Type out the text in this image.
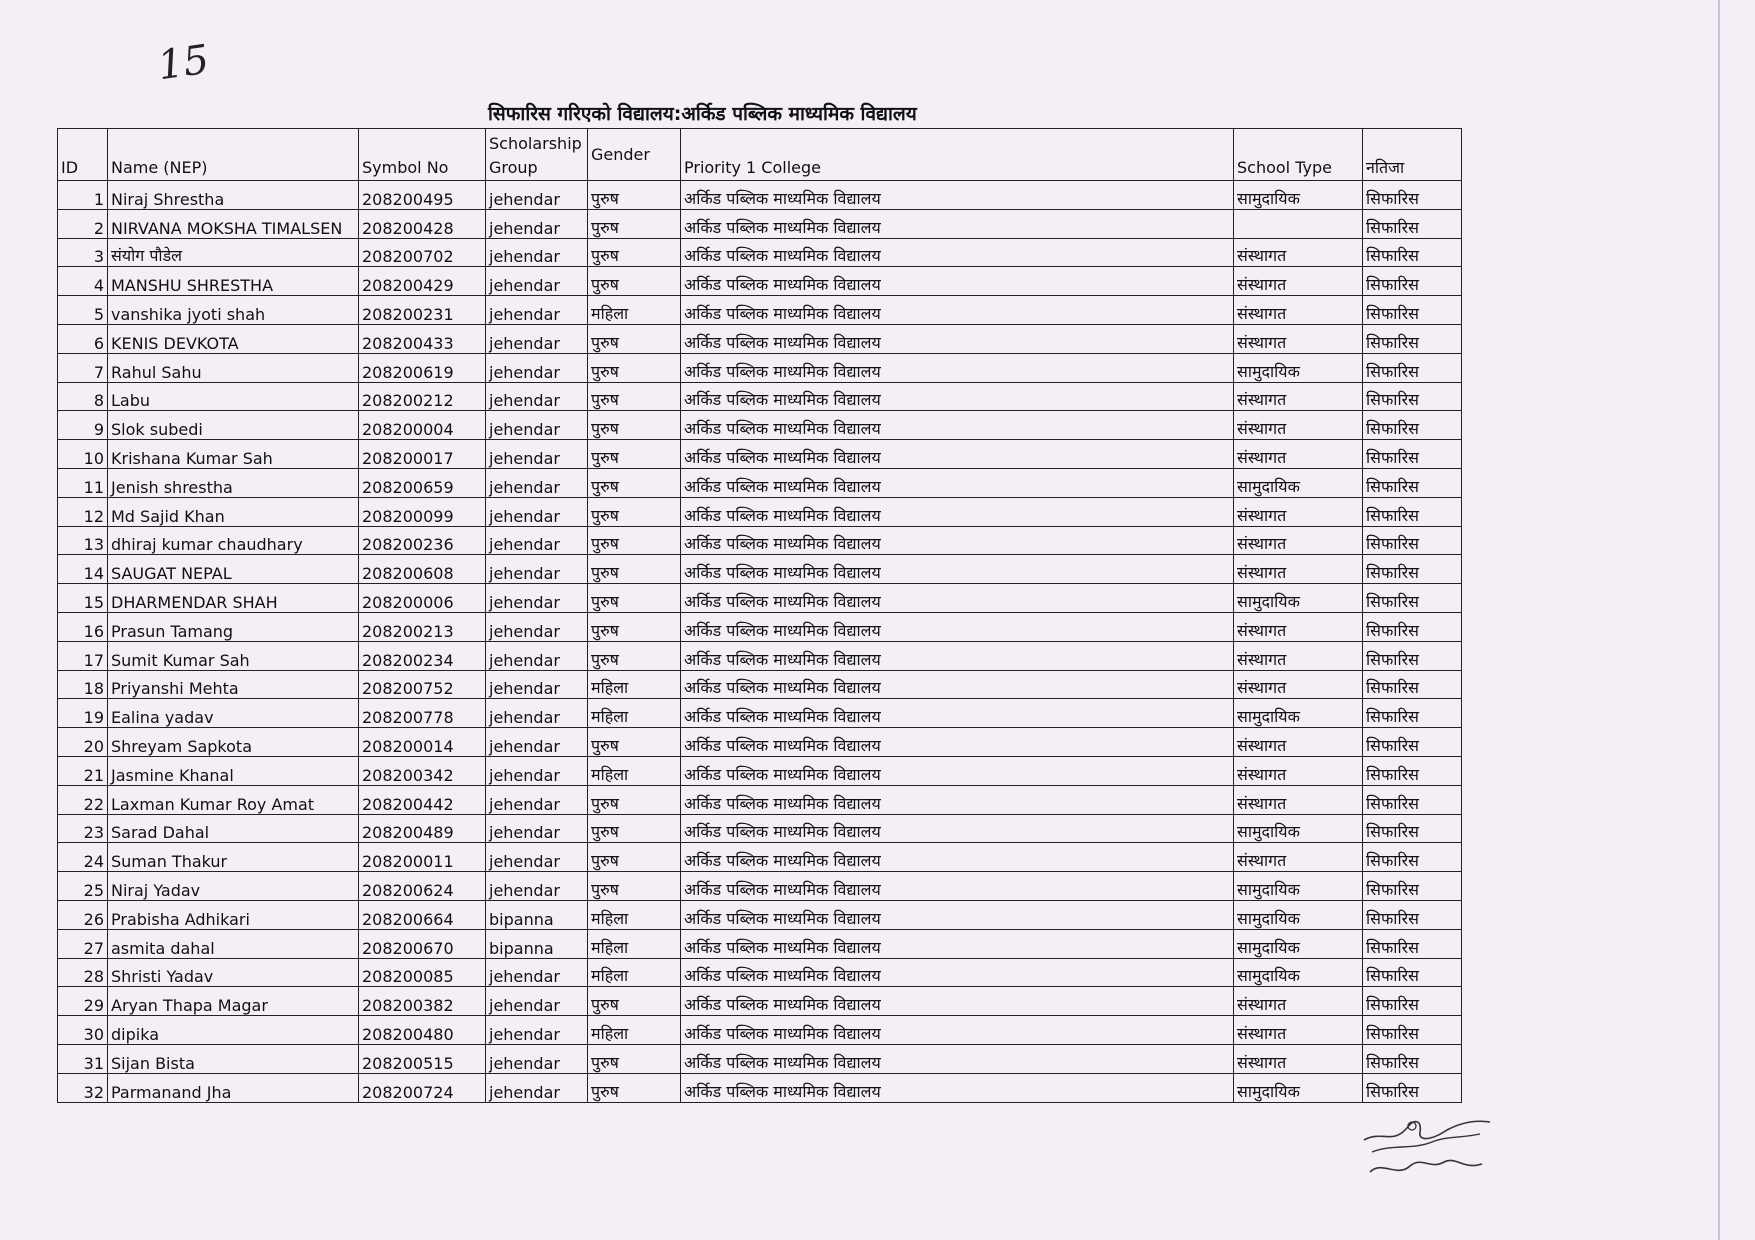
15
सिफारिस गरिएको विद्यालय:अर्किड पब्लिक माध्यमिक विद्यालय
ID	Name (NEP)	Symbol No	Scholarship Group	Gender	Priority 1 College	School Type	नतिजा
1	Niraj Shrestha	208200495	jehendar	पुरुष	अर्किड पब्लिक माध्यमिक विद्यालय	सामुदायिक	सिफारिस
2	NIRVANA MOKSHA TIMALSEN	208200428	jehendar	पुरुष	अर्किड पब्लिक माध्यमिक विद्यालय		सिफारिस
3	संयोग पौडेल	208200702	jehendar	पुरुष	अर्किड पब्लिक माध्यमिक विद्यालय	संस्थागत	सिफारिस
4	MANSHU SHRESTHA	208200429	jehendar	पुरुष	अर्किड पब्लिक माध्यमिक विद्यालय	संस्थागत	सिफारिस
5	vanshika jyoti shah	208200231	jehendar	महिला	अर्किड पब्लिक माध्यमिक विद्यालय	संस्थागत	सिफारिस
6	KENIS DEVKOTA	208200433	jehendar	पुरुष	अर्किड पब्लिक माध्यमिक विद्यालय	संस्थागत	सिफारिस
7	Rahul Sahu	208200619	jehendar	पुरुष	अर्किड पब्लिक माध्यमिक विद्यालय	सामुदायिक	सिफारिस
8	Labu	208200212	jehendar	पुरुष	अर्किड पब्लिक माध्यमिक विद्यालय	संस्थागत	सिफारिस
9	Slok subedi	208200004	jehendar	पुरुष	अर्किड पब्लिक माध्यमिक विद्यालय	संस्थागत	सिफारिस
10	Krishana Kumar Sah	208200017	jehendar	पुरुष	अर्किड पब्लिक माध्यमिक विद्यालय	संस्थागत	सिफारिस
11	Jenish shrestha	208200659	jehendar	पुरुष	अर्किड पब्लिक माध्यमिक विद्यालय	सामुदायिक	सिफारिस
12	Md Sajid Khan	208200099	jehendar	पुरुष	अर्किड पब्लिक माध्यमिक विद्यालय	संस्थागत	सिफारिस
13	dhiraj kumar chaudhary	208200236	jehendar	पुरुष	अर्किड पब्लिक माध्यमिक विद्यालय	संस्थागत	सिफारिस
14	SAUGAT NEPAL	208200608	jehendar	पुरुष	अर्किड पब्लिक माध्यमिक विद्यालय	संस्थागत	सिफारिस
15	DHARMENDAR SHAH	208200006	jehendar	पुरुष	अर्किड पब्लिक माध्यमिक विद्यालय	सामुदायिक	सिफारिस
16	Prasun Tamang	208200213	jehendar	पुरुष	अर्किड पब्लिक माध्यमिक विद्यालय	संस्थागत	सिफारिस
17	Sumit Kumar Sah	208200234	jehendar	पुरुष	अर्किड पब्लिक माध्यमिक विद्यालय	संस्थागत	सिफारिस
18	Priyanshi Mehta	208200752	jehendar	महिला	अर्किड पब्लिक माध्यमिक विद्यालय	संस्थागत	सिफारिस
19	Ealina yadav	208200778	jehendar	महिला	अर्किड पब्लिक माध्यमिक विद्यालय	सामुदायिक	सिफारिस
20	Shreyam Sapkota	208200014	jehendar	पुरुष	अर्किड पब्लिक माध्यमिक विद्यालय	संस्थागत	सिफारिस
21	Jasmine Khanal	208200342	jehendar	महिला	अर्किड पब्लिक माध्यमिक विद्यालय	संस्थागत	सिफारिस
22	Laxman Kumar Roy Amat	208200442	jehendar	पुरुष	अर्किड पब्लिक माध्यमिक विद्यालय	संस्थागत	सिफारिस
23	Sarad Dahal	208200489	jehendar	पुरुष	अर्किड पब्लिक माध्यमिक विद्यालय	सामुदायिक	सिफारिस
24	Suman Thakur	208200011	jehendar	पुरुष	अर्किड पब्लिक माध्यमिक विद्यालय	संस्थागत	सिफारिस
25	Niraj Yadav	208200624	jehendar	पुरुष	अर्किड पब्लिक माध्यमिक विद्यालय	सामुदायिक	सिफारिस
26	Prabisha Adhikari	208200664	bipanna	महिला	अर्किड पब्लिक माध्यमिक विद्यालय	सामुदायिक	सिफारिस
27	asmita dahal	208200670	bipanna	महिला	अर्किड पब्लिक माध्यमिक विद्यालय	सामुदायिक	सिफारिस
28	Shristi Yadav	208200085	jehendar	महिला	अर्किड पब्लिक माध्यमिक विद्यालय	सामुदायिक	सिफारिस
29	Aryan Thapa Magar	208200382	jehendar	पुरुष	अर्किड पब्लिक माध्यमिक विद्यालय	संस्थागत	सिफारिस
30	dipika	208200480	jehendar	महिला	अर्किड पब्लिक माध्यमिक विद्यालय	संस्थागत	सिफारिस
31	Sijan Bista	208200515	jehendar	पुरुष	अर्किड पब्लिक माध्यमिक विद्यालय	संस्थागत	सिफारिस
32	Parmanand Jha	208200724	jehendar	पुरुष	अर्किड पब्लिक माध्यमिक विद्यालय	सामुदायिक	सिफारिस
